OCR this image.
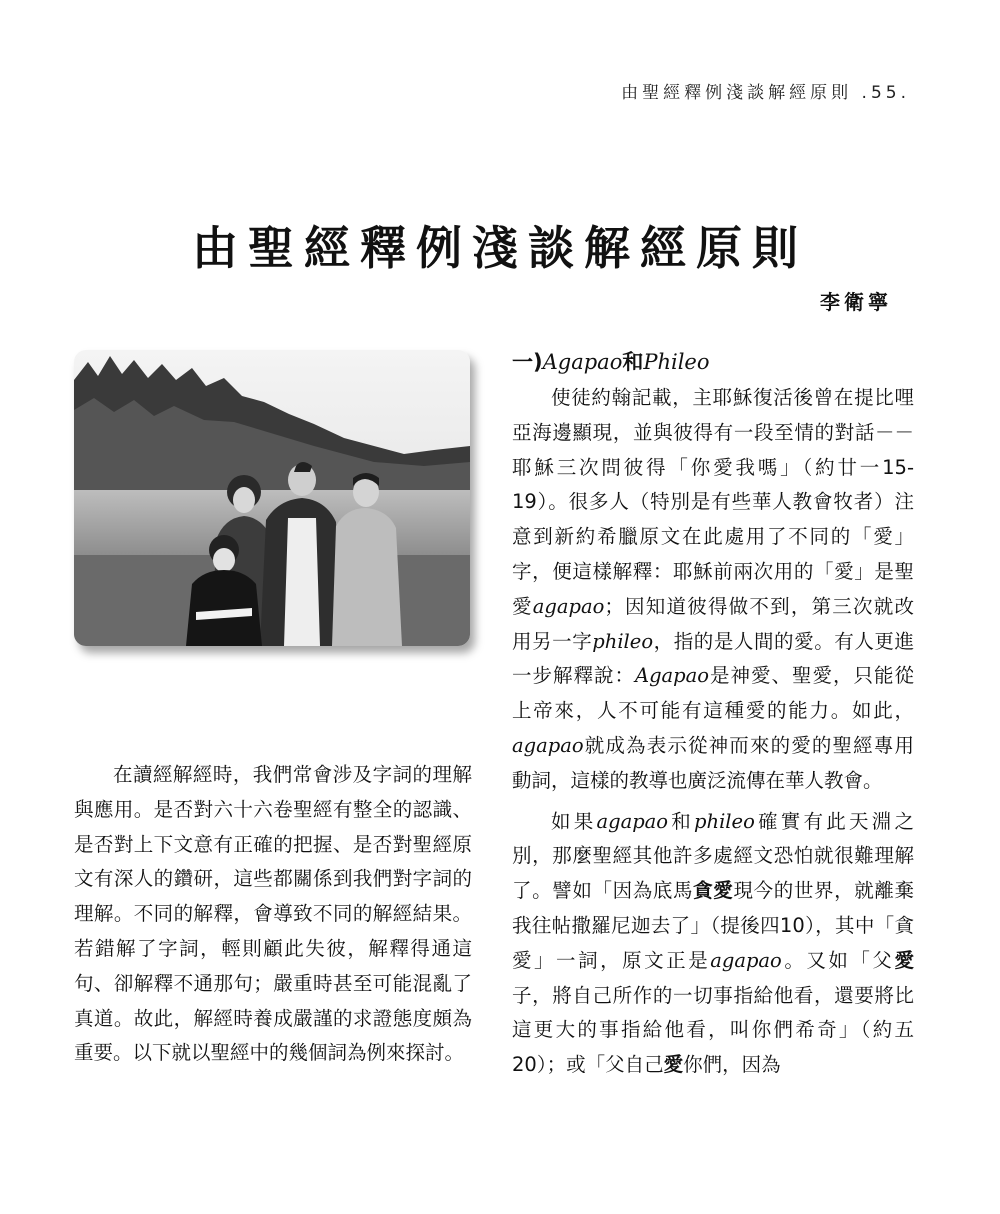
由聖經釋例淺談解經原則 .55.
由聖經釋例淺談解經原則
李衛寧

在讀經解經時，我們常會涉及字詞的理解與應用。是否對六十六卷聖經有整全的認識、是否對上下文意有正確的把握、是否對聖經原文有深人的鑽研，這些都關係到我們對字詞的理解。不同的解釋，會導致不同的解經結果。若錯解了字詞，輕則顧此失彼，解釋得通這句、卻解釋不通那句；嚴重時甚至可能混亂了真道。故此，解經時養成嚴謹的求證態度頗為重要。以下就以聖經中的幾個詞為例來探討。

一)Agapao和Phileo

使徒約翰記載，主耶穌復活後曾在提比哩亞海邊顯現，並與彼得有一段至情的對話－－耶穌三次問彼得「你愛我嗎」（約廿一15-19）。很多人（特別是有些華人教會牧者）注意到新約希臘原文在此處用了不同的「愛」字，便這樣解釋：耶穌前兩次用的「愛」是聖愛agapao；因知道彼得做不到，第三次就改用另一字phileo，指的是人間的愛。有人更進一步解釋說：Agapao是神愛、聖愛，只能從上帝來，人不可能有這種愛的能力。如此，agapao就成為表示從神而來的愛的聖經專用動詞，這樣的教導也廣泛流傳在華人教會。

如果agapao和phileo確實有此天淵之別，那麼聖經其他許多處經文恐怕就很難理解了。譬如「因為底馬貪愛現今的世界，就離棄我往帖撒羅尼迦去了」（提後四10），其中「貪愛」一詞，原文正是agapao。又如「父愛子，將自己所作的一切事指給他看，還要將比這更大的事指給他看，叫你們希奇」（約五20）；或「父自己愛你們，因為
